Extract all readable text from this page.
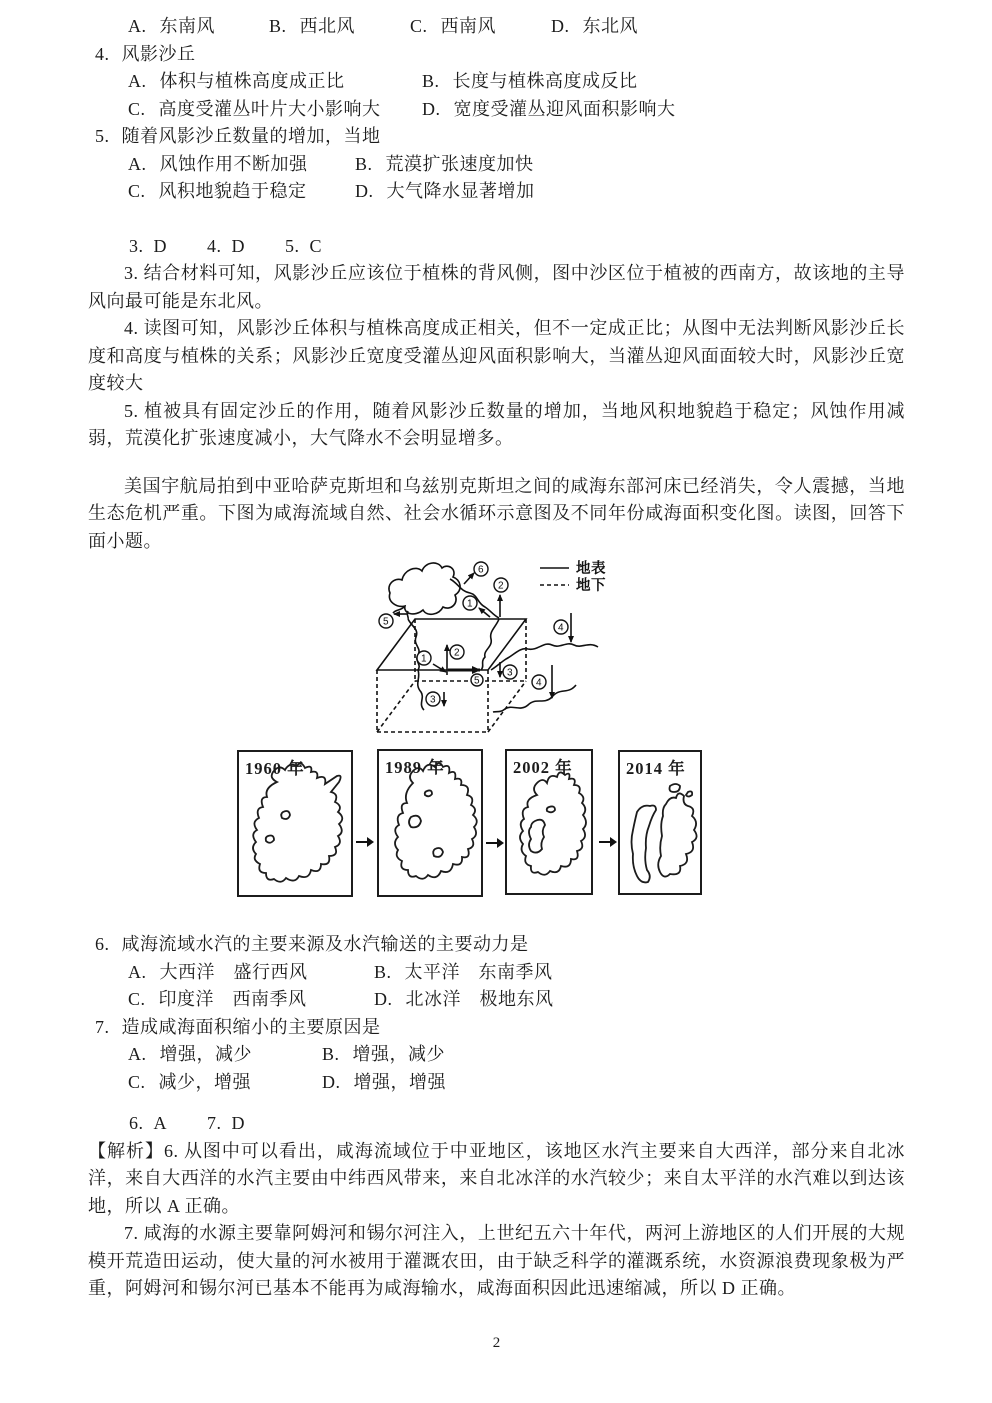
A. 东南风	B. 西北风	C. 西南风	D. 东北风
4. 风影沙丘
A. 体积与植株高度成正比	B. 长度与植株高度成反比
C. 高度受灌丛叶片大小影响大	D. 宽度受灌丛迎风面积影响大
5. 随着风影沙丘数量的增加，当地
A. 风蚀作用不断加强	B. 荒漠扩张速度加快
C. 风积地貌趋于稳定	D. 大气降水显著增加
3. D 4. D 5. C

3. 结合材料可知，风影沙丘应该位于植株的背风侧，图中沙区位于植被的西南方，故该地的主导风向最可能是东北风。

4. 读图可知，风影沙丘体积与植株高度成正相关，但不一定成正比；从图中无法判断风影沙丘长度和高度与植株的关系；风影沙丘宽度受灌丛迎风面积影响大，当灌丛迎风面面较大时，风影沙丘宽度较大

5. 植被具有固定沙丘的作用，随着风影沙丘数量的增加，当地风积地貌趋于稳定；风蚀作用减弱，荒漠化扩张速度减小，大气降水不会明显增多。

美国宇航局拍到中亚哈萨克斯坦和乌兹别克斯坦之间的咸海东部河床已经消失，令人震撼，当地生态危机严重。下图为咸海流域自然、社会水循环示意图及不同年份咸海面积变化图。读图，回答下面小题。

地表
地下
6
2
1
5
4
2
1
5
3
4
3
1960 年	1989 年	2002 年	2014 年
6. 咸海流域水汽的主要来源及水汽输送的主要动力是
A. 大西洋　盛行西风	B. 太平洋　东南季风
C. 印度洋　西南季风	D. 北冰洋　极地东风
7. 造成咸海面积缩小的主要原因是
A. 增强，减少	B. 增强，减少
C. 减少，增强	D. 增强，增强
6. A 7. D

【解析】6. 从图中可以看出，咸海流域位于中亚地区，该地区水汽主要来自大西洋，部分来自北冰洋，来自大西洋的水汽主要由中纬西风带来，来自北冰洋的水汽较少；来自太平洋的水汽难以到达该地，所以 A 正确。

7. 咸海的水源主要靠阿姆河和锡尔河注入，上世纪五六十年代，两河上游地区的人们开展的大规模开荒造田运动，使大量的河水被用于灌溉农田，由于缺乏科学的灌溉系统，水资源浪费现象极为严重，阿姆河和锡尔河已基本不能再为咸海输水，咸海面积因此迅速缩减，所以 D 正确。

2
